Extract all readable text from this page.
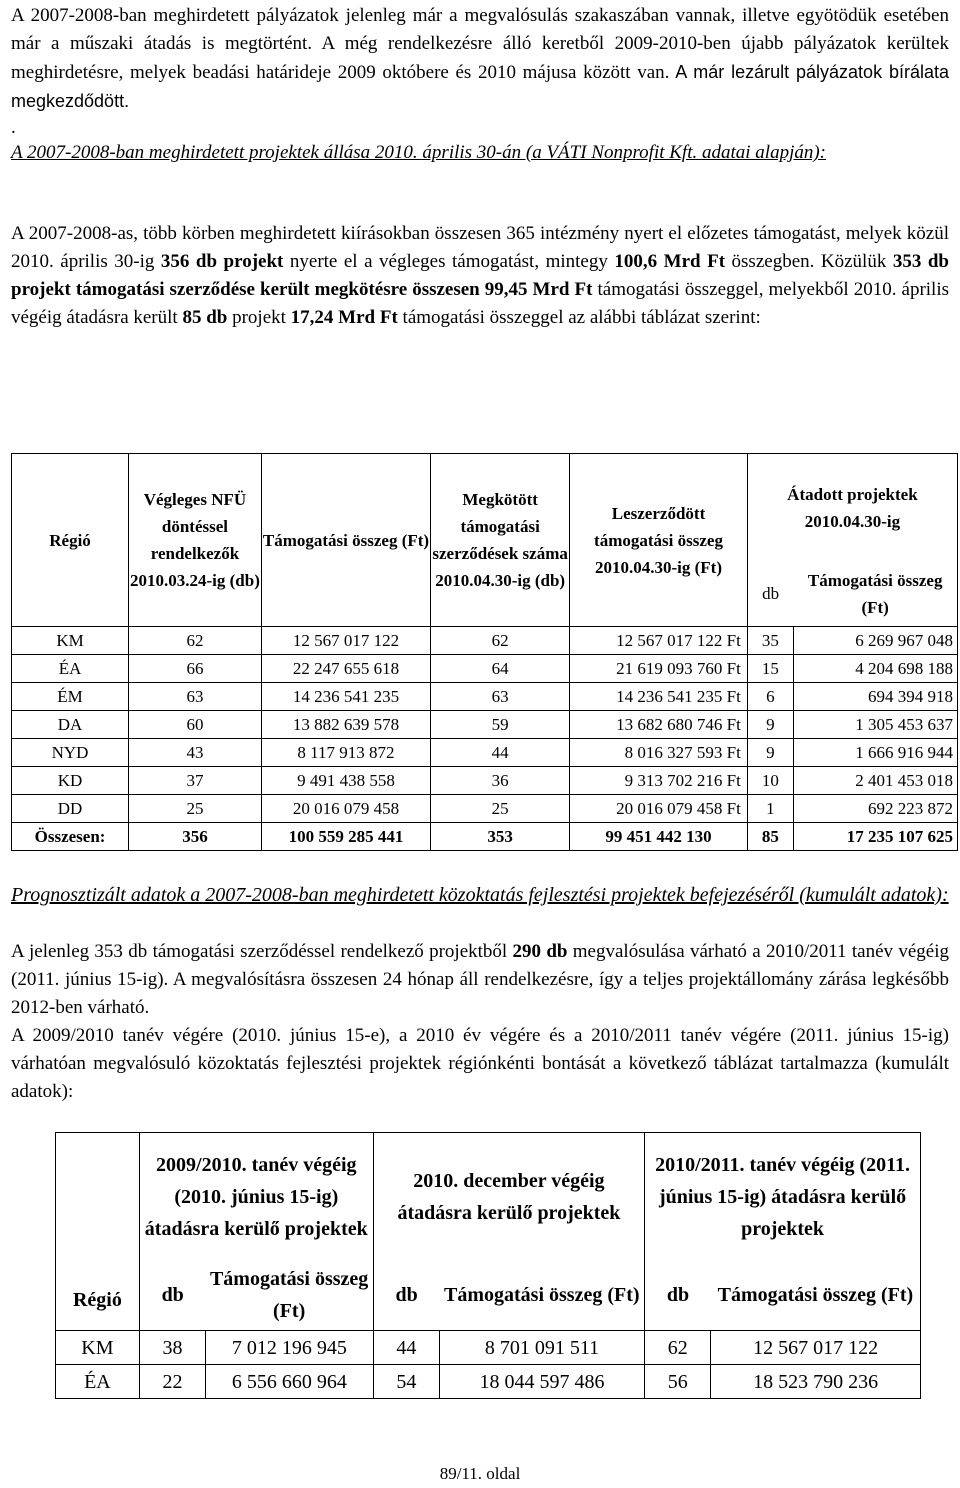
A 2007-2008-ban meghirdetett pályázatok jelenleg már a megvalósulás szakaszában vannak, illetve egyötödük esetében már a műszaki átadás is megtörtént. A még rendelkezésre álló keretből 2009-2010-ben újabb pályázatok kerültek meghirdetésre, melyek beadási határideje 2009 októbere és 2010 májusa között van. A már lezárult pályázatok bírálata megkezdődött.

.

A 2007-2008-ban meghirdetett projektek állása 2010. április 30-án (a VÁTI Nonprofit Kft. adatai alapján):

A 2007-2008-as, több körben meghirdetett kiírásokban összesen 365 intézmény nyert el előzetes támogatást, melyek közül 2010. április 30-ig 356 db projekt nyerte el a végleges támogatást, mintegy 100,6 Mrd Ft összegben. Közülük 353 db projekt támogatási szerződése került megkötésre összesen 99,45 Mrd Ft támogatási összeggel, melyekből 2010. április végéig átadásra került 85 db projekt 17,24 Mrd Ft támogatási összeggel az alábbi táblázat szerint:

Régió	Végleges NFÜ döntéssel rendelkezők 2010.03.24-ig (db)	Támogatási összeg (Ft)	Megkötött támogatási szerződések száma 2010.04.30-ig (db)	Leszerződött támogatási összeg 2010.04.30-ig (Ft)	Átadott projektek 2010.04.30-ig	
					db	Támogatási összeg (Ft)
KM	62	12 567 017 122	62	12 567 017 122 Ft	35	6 269 967 048
ÉA	66	22 247 655 618	64	21 619 093 760 Ft	15	4 204 698 188
ÉM	63	14 236 541 235	63	14 236 541 235 Ft	6	694 394 918
DA	60	13 882 639 578	59	13 682 680 746 Ft	9	1 305 453 637
NYD	43	8 117 913 872	44	8 016 327 593 Ft	9	1 666 916 944
KD	37	9 491 438 558	36	9 313 702 216 Ft	10	2 401 453 018
DD	25	20 016 079 458	25	20 016 079 458 Ft	1	692 223 872
Összesen:	356	100 559 285 441	353	99 451 442 130	85	17 235 107 625

Prognosztizált adatok a 2007-2008-ban meghirdetett közoktatás fejlesztési projektek befejezéséről (kumulált adatok):

A jelenleg 353 db támogatási szerződéssel rendelkező projektből 290 db megvalósulása várható a 2010/2011 tanév végéig (2011. június 15-ig). A megvalósításra összesen 24 hónap áll rendelkezésre, így a teljes projektállomány zárása legkésőbb 2012-ben várható.

A 2009/2010 tanév végére (2010. június 15-e), a 2010 év végére és a 2010/2011 tanév végére (2011. június 15-ig) várhatóan megvalósuló közoktatás fejlesztési projektek régiónkénti bontását a következő táblázat tartalmazza (kumulált adatok):

Régió	2009/2010. tanév végéig (2010. június 15-ig) átadásra kerülő projektek		2010. december végéig átadásra kerülő projektek		2010/2011. tanév végéig (2011. június 15-ig) átadásra kerülő projektek	
	db	Támogatási összeg (Ft)	db	Támogatási összeg (Ft)	db	Támogatási összeg (Ft)
KM	38	7 012 196 945	44	8 701 091 511	62	12 567 017 122
ÉA	22	6 556 660 964	54	18 044 597 486	56	18 523 790 236
89/11. oldal
